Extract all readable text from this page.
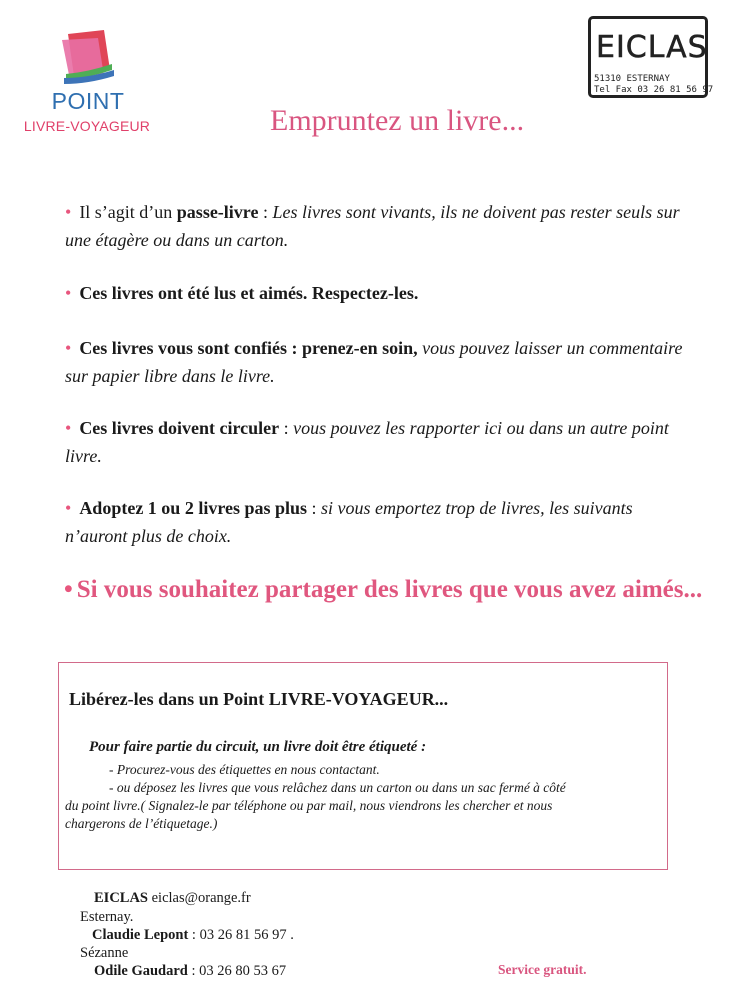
POINT
LIVRE-VOYAGEUR
EICLAS
51310 ESTERNAY
Tel Fax 03 26 81 56 97
Empruntez un livre...
• Il s’agit d’un passe-livre : Les livres sont vivants, ils ne doivent pas rester seuls sur une étagère ou dans un carton.
• Ces livres ont été lus et aimés. Respectez-les.
• Ces livres vous sont confiés : prenez-en soin, vous pouvez laisser un commentaire sur papier libre dans le livre.
• Ces livres doivent circuler : vous pouvez les rapporter ici ou dans un autre point livre.
• Adoptez 1 ou 2 livres pas plus : si vous emportez trop de livres, les suivants n’auront plus de choix.
• Si vous souhaitez partager des livres que vous avez aimés...
Libérez-les dans un Point LIVRE-VOYAGEUR...
Pour faire partie du circuit, un livre doit être étiqueté :
- Procurez-vous des étiquettes en nous contactant.
- ou déposez les livres que vous relâchez dans un carton ou dans un sac fermé à côté
du point livre.( Signalez-le par téléphone ou par mail, nous viendrons les chercher et nous
chargerons de l’étiquetage.)
EICLAS eiclas@orange.fr
Esternay.
Claudie Lepont : 03 26 81 56 97 .
Sézanne
Odile Gaudard : 03 26 80 53 67	Service gratuit.
